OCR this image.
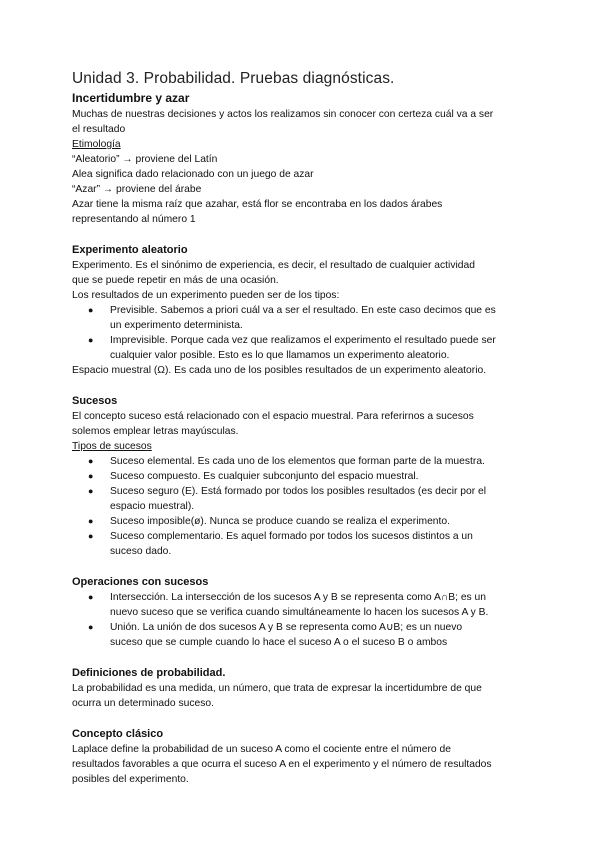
Unidad 3. Probabilidad. Pruebas diagnósticas.
Incertidumbre y azar

Muchas de nuestras decisiones y actos los realizamos sin conocer con certeza cuál va a ser

el resultado

Etimología

“Aleatorio” → proviene del Latín

Alea significa dado relacionado con un juego de azar

“Azar” → proviene del árabe

Azar tiene la misma raíz que azahar, está flor se encontraba en los dados árabes

representando al número 1

Experimento aleatorio

Experimento. Es el sinónimo de experiencia, es decir, el resultado de cualquier actividad

que se puede repetir en más de una ocasión.

Los resultados de un experimento pueden ser de los tipos:

● Previsible. Sabemos a priori cuál va a ser el resultado. En este caso decimos que es
un experimento determinista.
● Imprevisible. Porque cada vez que realizamos el experimento el resultado puede ser
cualquier valor posible. Esto es lo que llamamos un experimento aleatorio.

Espacio muestral (Ω). Es cada uno de los posibles resultados de un experimento aleatorio.

Sucesos

El concepto suceso está relacionado con el espacio muestral. Para referirnos a sucesos

solemos emplear letras mayúsculas.

Tipos de sucesos

● Suceso elemental. Es cada uno de los elementos que forman parte de la muestra.
● Suceso compuesto. Es cualquier subconjunto del espacio muestral.
● Suceso seguro (E). Está formado por todos los posibles resultados (es decir por el
espacio muestral).
● Suceso imposible(ø). Nunca se produce cuando se realiza el experimento.
● Suceso complementario. Es aquel formado por todos los sucesos distintos a un
suceso dado.
Operaciones con sucesos
● Intersección. La intersección de los sucesos A y B se representa como A∩B; es un
nuevo suceso que se verifica cuando simultáneamente lo hacen los sucesos A y B.
● Unión. La unión de dos sucesos A y B se representa como A∪B; es un nuevo
suceso que se cumple cuando lo hace el suceso A o el suceso B o ambos
Definiciones de probabilidad.

La probabilidad es una medida, un número, que trata de expresar la incertidumbre de que

ocurra un determinado suceso.

Concepto clásico

Laplace define la probabilidad de un suceso A como el cociente entre el número de

resultados favorables a que ocurra el suceso A en el experimento y el número de resultados

posibles del experimento.
